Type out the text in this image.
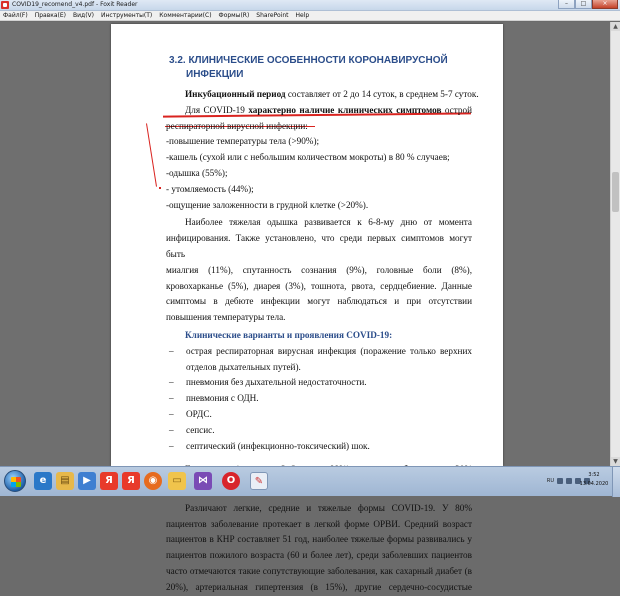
COVID19_recomend_v4.pdf - Foxit Reader	–	□	×
Файл(F) Правка(E) Вид(V) Инструменты(T) Комментарии(C) Формы(R) SharePoint Help
▲
▼
3.2. КЛИНИЧЕСКИЕ ОСОБЕННОСТИ КОРОНАВИРУСНОЙ
ИНФЕКЦИИ
Инкубационный период составляет от 2 до 14 суток, в среднем 5-7 суток.
Для COVID-19 характерно наличие клинических симптомов острой
респираторной вирусной инфекции:
-повышение температуры тела (>90%);
-кашель (сухой или с небольшим количеством мокроты) в 80 % случаев;
-одышка (55%);
- утомляемость (44%);
-ощущение заложенности в грудной клетке (>20%).
Наиболее тяжелая одышка развивается к 6-8-му дню от момента
инфицирования. Также установлено, что среди первых симптомов могут быть
миалгия (11%), спутанность сознания (9%), головные боли (8%),
кровохарканье (5%), диарея (3%), тошнота, рвота, сердцебиение. Данные
симптомы в дебюте инфекции могут наблюдаться и при отсутствии
повышения температуры тела.
Клинические варианты и проявления COVID-19:
–	острая респираторная вирусная инфекция (поражение только верхних
отделов дыхательных путей).
–	пневмония без дыхательной недостаточности.
–	пневмония с ОДН.
–	ОРДС.
–	сепсис.
–	септический (инфекционно-токсический) шок.
Различают легкие, средние и тяжелые формы COVID-19. У 80%
пациентов заболевание протекает в легкой форме ОРВИ. Средний возраст
пациентов в КНР составляет 51 год, наиболее тяжелые формы развивались у
пациентов пожилого возраста (60 и более лет), среди заболевших пациентов
часто отмечаются такие сопутствующие заболевания, как сахарный диабет (в
20%), артериальная гипертензия (в 15%), другие сердечно-сосудистые
e	▤	▶	Я	Я	◉	▭	⋈	O	✎	RU
3:52
13.04.2020
